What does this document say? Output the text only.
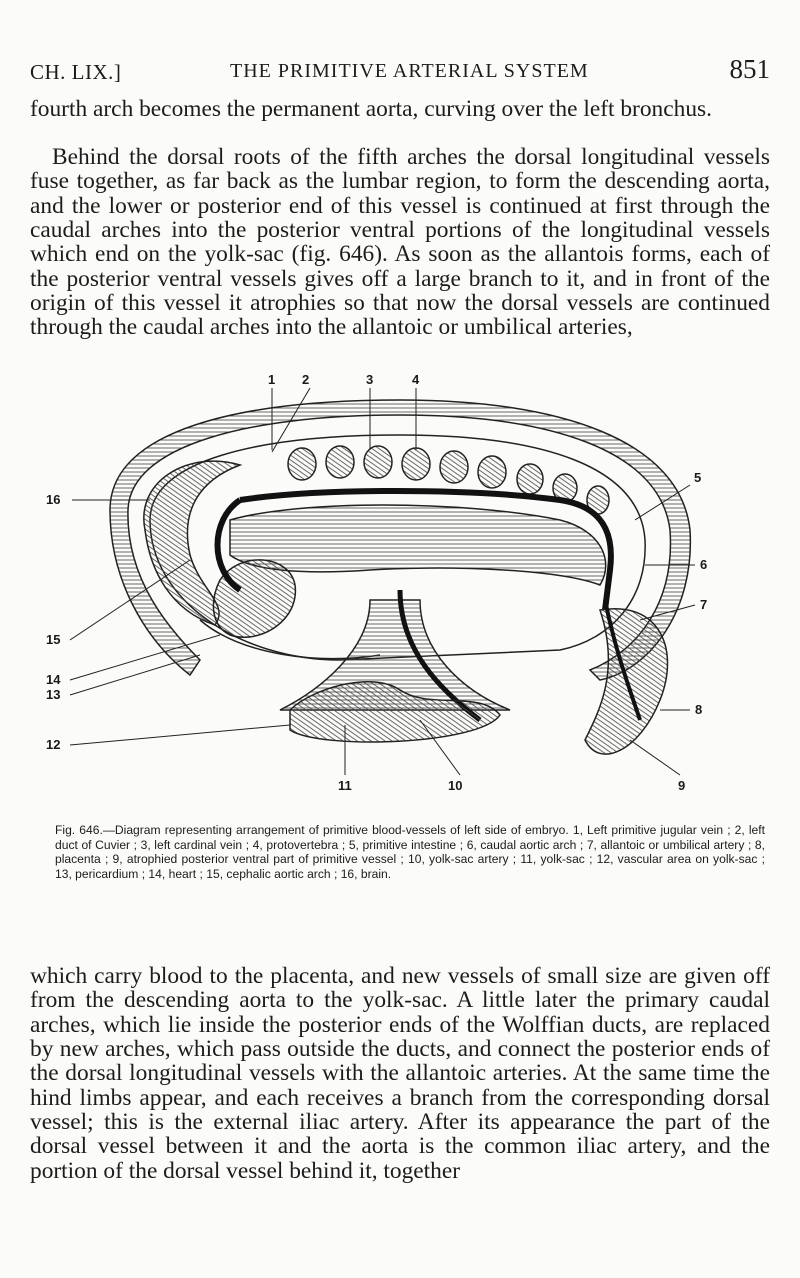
CH. LIX.]	THE PRIMITIVE ARTERIAL SYSTEM	851

fourth arch becomes the permanent aorta, curving over the left bronchus.

Behind the dorsal roots of the fifth arches the dorsal longitudinal vessels fuse together, as far back as the lumbar region, to form the descending aorta, and the lower or posterior end of this vessel is continued at first through the caudal arches into the posterior ventral portions of the longitudinal vessels which end on the yolk-sac (fig. 646). As soon as the allantois forms, each of the posterior ventral vessels gives off a large branch to it, and in front of the origin of this vessel it atrophies so that now the dorsal vessels are continued through the caudal arches into the allantoic or umbilical arteries,

1 2	3	4
5
6
7
8
9
10
11
12
13
14
15
16

Fig. 646.—Diagram representing arrangement of primitive blood-vessels of left side of embryo. 1, Left primitive jugular vein ; 2, left duct of Cuvier ; 3, left cardinal vein ; 4, protovertebra ; 5, primitive intestine ; 6, caudal aortic arch ; 7, allantoic or umbilical artery ; 8, placenta ; 9, atrophied posterior ventral part of primitive vessel ; 10, yolk-sac artery ; 11, yolk-sac ; 12, vascular area on yolk-sac ; 13, pericardium ; 14, heart ; 15, cephalic aortic arch ; 16, brain.

which carry blood to the placenta, and new vessels of small size are given off from the descending aorta to the yolk-sac. A little later the primary caudal arches, which lie inside the posterior ends of the Wolffian ducts, are replaced by new arches, which pass outside the ducts, and connect the posterior ends of the dorsal longitudinal vessels with the allantoic arteries. At the same time the hind limbs appear, and each receives a branch from the corresponding dorsal vessel; this is the external iliac artery. After its appearance the part of the dorsal vessel between it and the aorta is the common iliac artery, and the portion of the dorsal vessel behind it, together
